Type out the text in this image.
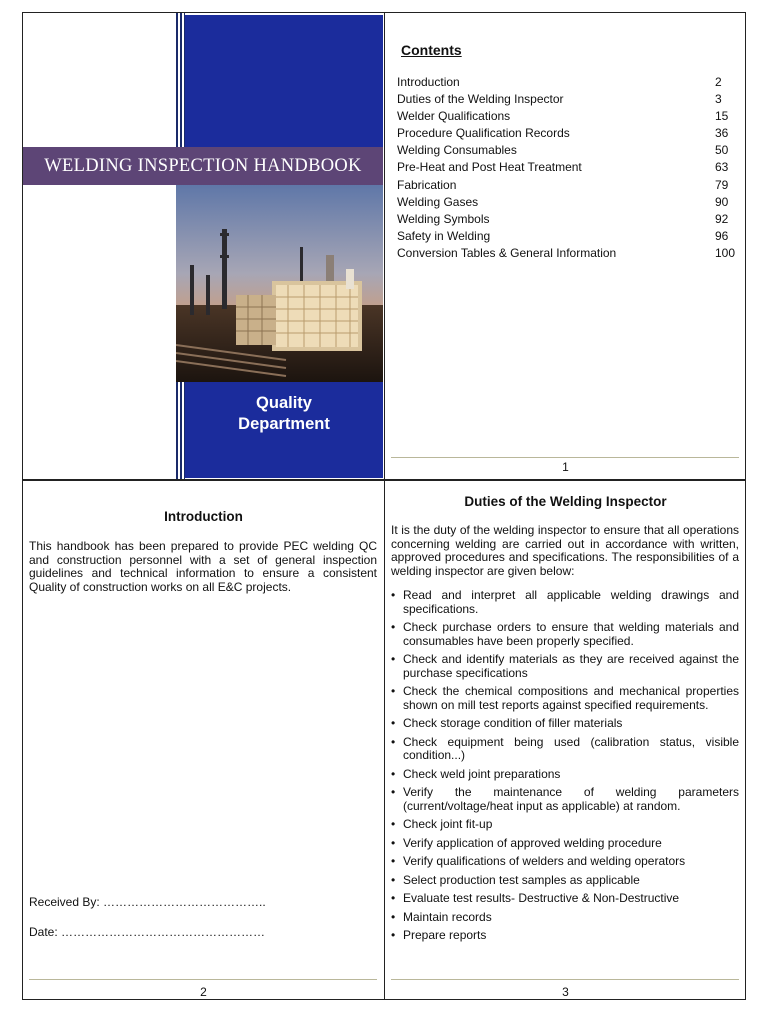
WELDING INSPECTION HANDBOOK
Quality
Department
Contents
Introduction	2
Duties of the Welding Inspector	3
Welder Qualifications	15
Procedure Qualification Records	36
Welding Consumables	50
Pre-Heat and Post Heat Treatment	63
Fabrication	79
Welding Gases	90
Welding Symbols	92
Safety in Welding	96
Conversion Tables & General Information	100
1
Introduction
This handbook has been prepared to provide PEC welding QC and construction personnel with a set of general inspection guidelines and technical information to ensure a consistent Quality of construction works on all E&C projects.
Received By: …………………………………..
Date: ……………………………………………
2
Duties of the Welding Inspector
It is the duty of the welding inspector to ensure that all operations concerning welding are carried out in accordance with written, approved procedures and specifications. The responsibilities of a welding inspector are given below:
• Read and interpret all applicable welding drawings and specifications.
• Check purchase orders to ensure that welding materials and consumables have been properly specified.
• Check and identify materials as they are received against the purchase specifications
• Check the chemical compositions and mechanical properties shown on mill test reports against specified requirements.
• Check storage condition of filler materials
• Check equipment being used (calibration status, visible condition...)
• Check weld joint preparations
• Verify the maintenance of welding parameters (current/voltage/heat input as applicable) at random.
• Check joint fit-up
• Verify application of approved welding procedure
• Verify qualifications of welders and welding operators
• Select production test samples as applicable
• Evaluate test results- Destructive & Non-Destructive
• Maintain records
• Prepare reports
3
